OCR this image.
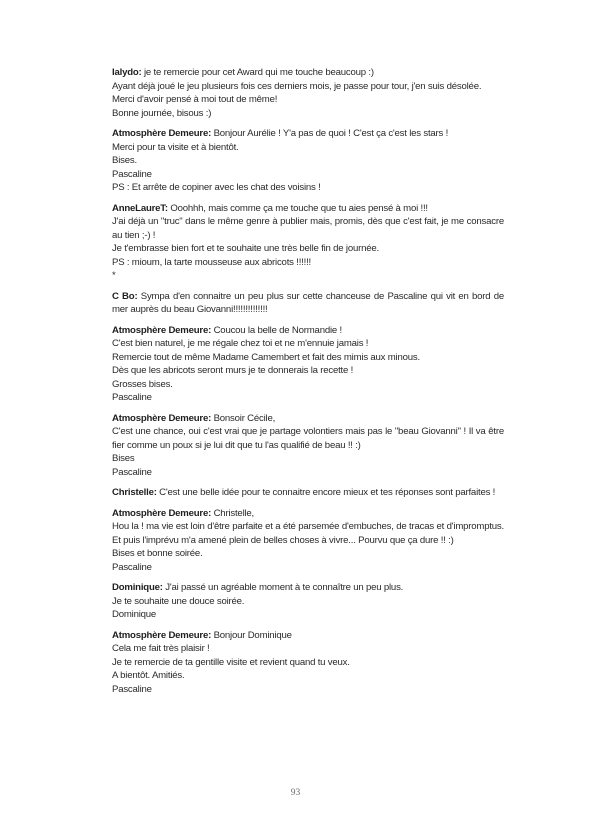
Ialydo: je te remercie pour cet Award qui me touche beaucoup :)
Ayant déjà joué le jeu plusieurs fois ces derniers mois, je passe pour tour, j'en suis désolée.
Merci d'avoir pensé à moi tout de même!
Bonne journée, bisous :)
Atmosphère Demeure: Bonjour Aurélie ! Y'a pas de quoi ! C'est ça c'est les stars !
Merci pour ta visite et à bientôt.
Bises.
Pascaline
PS : Et arrête de copiner avec les chat des voisins !
AnneLaureT: Ooohhh, mais comme ça me touche que tu aies pensé à moi !!!
J'ai déjà un "truc" dans le même genre à publier mais, promis, dès que c'est fait, je me consacre au tien ;-) !
Je t'embrasse bien fort et te souhaite une très belle fin de journée.
PS : mioum, la tarte mousseuse aux abricots !!!!!!
*
C Bo: Sympa d'en connaitre un peu plus sur cette chanceuse de Pascaline qui vit en bord de mer auprès du beau Giovanni!!!!!!!!!!!!!!
Atmosphère Demeure: Coucou la belle de Normandie !
C'est bien naturel, je me régale chez toi et ne m'ennuie jamais !
Remercie tout de même Madame Camembert et fait des mimis aux minous.
Dès que les abricots seront murs je te donnerais la recette !
Grosses bises.
Pascaline
Atmosphère Demeure: Bonsoir Cécile,
C'est une chance, oui c'est vrai que je partage volontiers mais pas le "beau Giovanni" ! Il va être fier comme un poux si je lui dit que tu l'as qualifié de beau !! :)
Bises
Pascaline
Christelle: C'est une belle idée pour te connaitre encore mieux et tes réponses sont parfaites !
Atmosphère Demeure: Christelle,
Hou la ! ma vie est loin d'être parfaite et a été parsemée d'embuches, de tracas et d'impromptus. Et puis l'imprévu m'a amené plein de belles choses à vivre... Pourvu que ça dure !! :)
Bises et bonne soirée.
Pascaline
Dominique: J'ai passé un agréable moment à te connaître un peu plus.
Je te souhaite une douce soirée.
Dominique
Atmosphère Demeure: Bonjour Dominique
Cela me fait très plaisir !
Je te remercie de ta gentille visite et revient quand tu veux.
A bientôt. Amitiés.
Pascaline
93
